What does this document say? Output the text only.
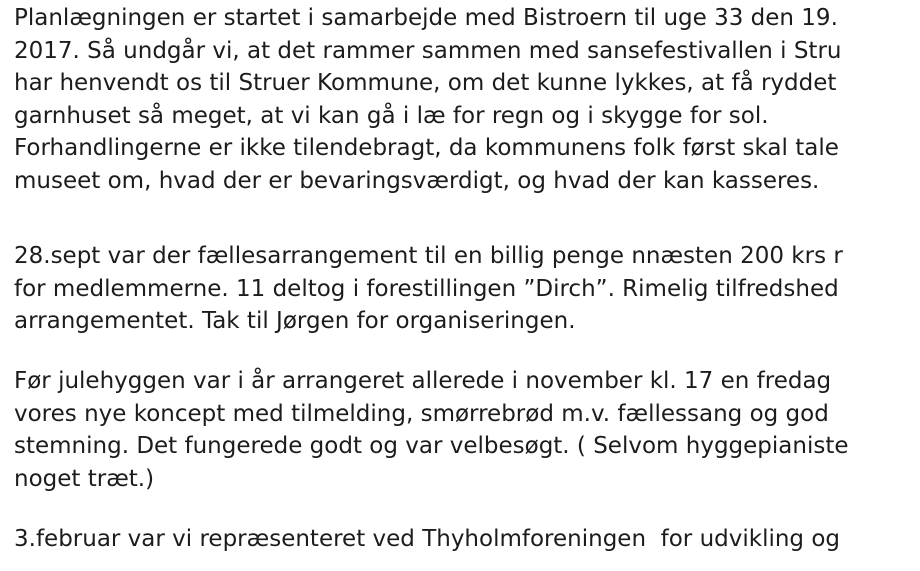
Planlægningen er startet i samarbejde med Bistroern til uge 33 den 19.
2017. Så undgår vi, at det rammer sammen med sansefestivallen i Stru
har henvendt os til Struer Kommune, om det kunne lykkes, at få ryddet
garnhuset så meget, at vi kan gå i læ for regn og i skygge for sol.
Forhandlingerne er ikke tilendebragt, da kommunens folk først skal tale
museet om, hvad der er bevaringsværdigt, og hvad der kan kasseres.

28.sept var der fællesarrangement til en billig penge nnæsten 200 krs r
for medlemmerne. 11 deltog i forestillingen ”Dirch”. Rimelig tilfredshed
arrangementet. Tak til Jørgen for organiseringen.

Før julehyggen var i år arrangeret allerede i november kl. 17 en fredag
vores nye koncept med tilmelding, smørrebrød m.v. fællessang og god
stemning. Det fungerede godt og var velbesøgt. ( Selvom hyggepianiste
noget træt.)

3.februar var vi repræsenteret ved Thyholmforeningen  for udvikling og
